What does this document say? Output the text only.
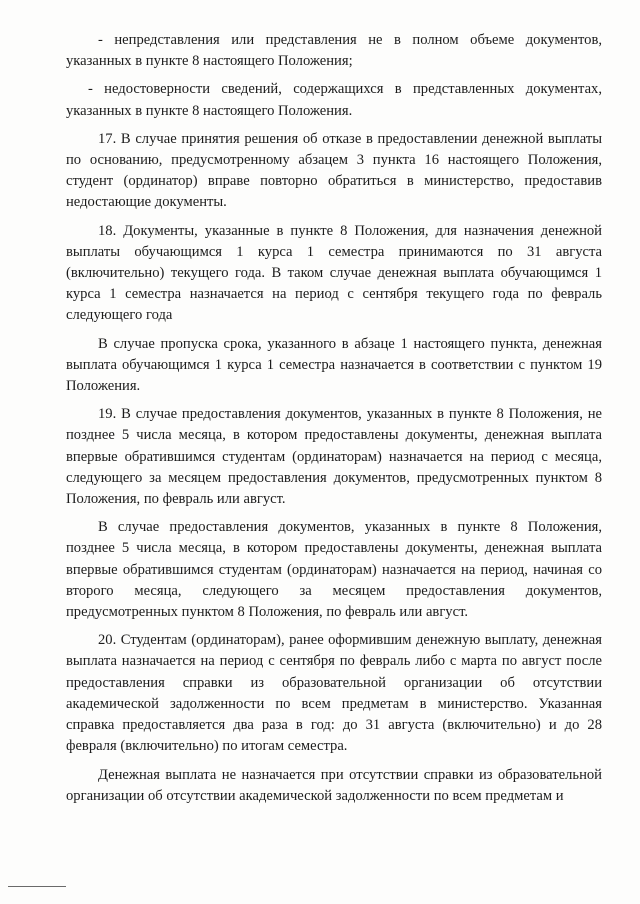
- непредставления или представления не в полном объеме документов, указанных в пункте 8 настоящего Положения;

- недостоверности сведений, содержащихся в представленных документах, указанных в пункте 8 настоящего Положения.

17. В случае принятия решения об отказе в предоставлении денежной выплаты по основанию, предусмотренному абзацем 3 пункта 16 настоящего Положения, студент (ординатор) вправе повторно обратиться в министерство, предоставив недостающие документы.

18. Документы, указанные в пункте 8 Положения, для назначения денежной выплаты обучающимся 1 курса 1 семестра принимаются по 31 августа (включительно) текущего года. В таком случае денежная выплата обучающимся 1 курса 1 семестра назначается на период с сентября текущего года по февраль следующего года

В случае пропуска срока, указанного в абзаце 1 настоящего пункта, денежная выплата обучающимся 1 курса 1 семестра назначается в соответствии с пунктом 19 Положения.

19. В случае предоставления документов, указанных в пункте 8 Положения, не позднее 5 числа месяца, в котором предоставлены документы, денежная выплата впервые обратившимся студентам (ординаторам) назначается на период с месяца, следующего за месяцем предоставления документов, предусмотренных пунктом 8 Положения, по февраль или август.

В случае предоставления документов, указанных в пункте 8 Положения, позднее 5 числа месяца, в котором предоставлены документы, денежная выплата впервые обратившимся студентам (ординаторам) назначается на период, начиная со второго месяца, следующего за месяцем предоставления документов, предусмотренных пунктом 8 Положения, по февраль или август.

20. Студентам (ординаторам), ранее оформившим денежную выплату, денежная выплата назначается на период с сентября по февраль либо с марта по август после предоставления справки из образовательной организации об отсутствии академической задолженности по всем предметам в министерство. Указанная справка предоставляется два раза в год: до 31 августа (включительно) и до 28 февраля (включительно) по итогам семестра.

Денежная выплата не назначается при отсутствии справки из образовательной организации об отсутствии академической задолженности по всем предметам и
